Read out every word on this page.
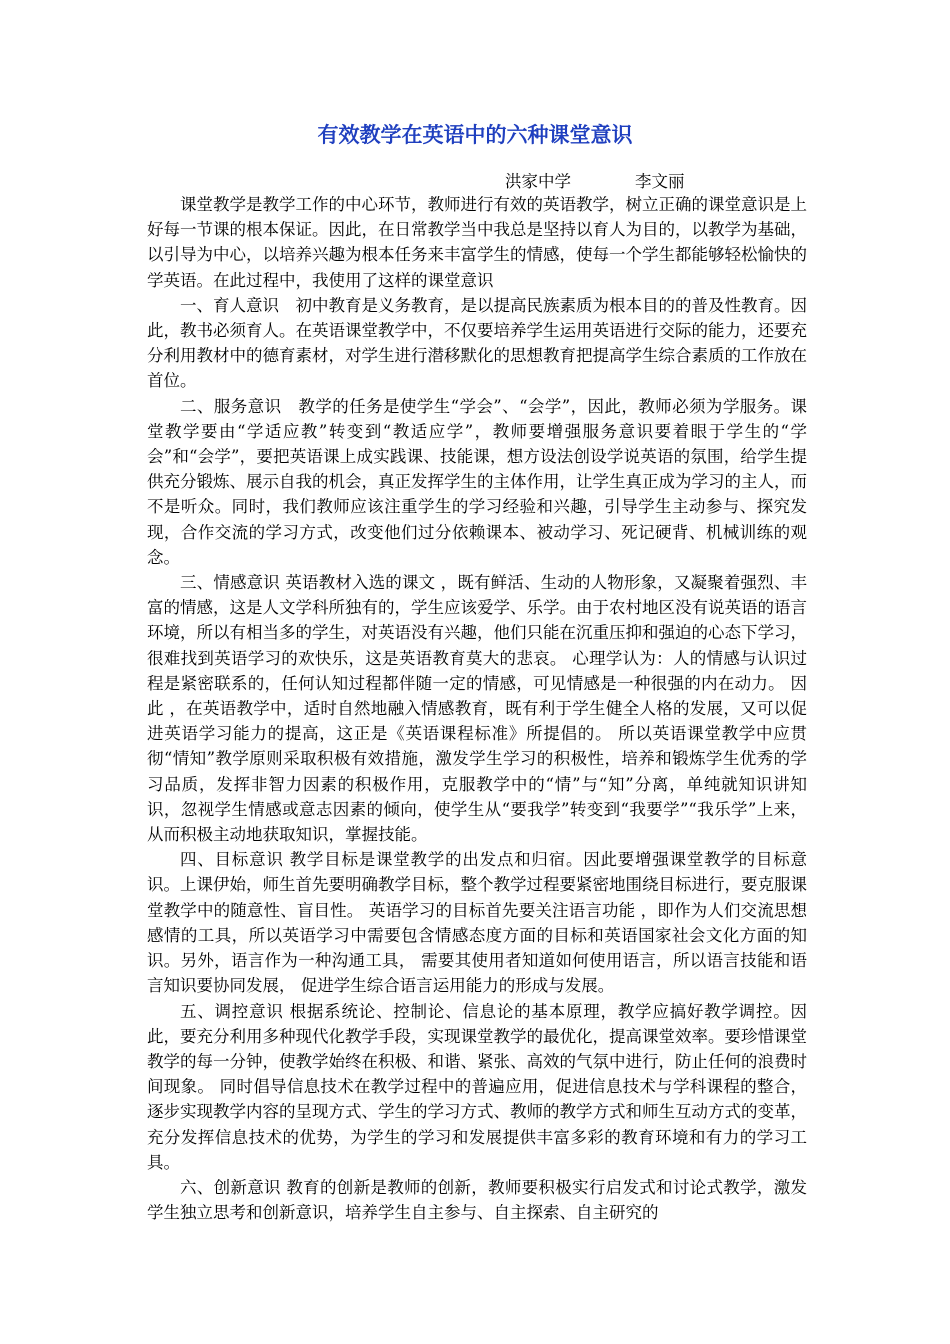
有效教学在英语中的六种课堂意识
洪家中学	李文丽

课堂教学是教学工作的中心环节，教师进行有效的英语教学，树立正确的课堂意识是上好每一节课的根本保证。因此，在日常教学当中我总是坚持以育人为目的，以教学为基础，以引导为中心，以培养兴趣为根本任务来丰富学生的情感，使每一个学生都能够轻松愉快的学英语。在此过程中，我使用了这样的课堂意识

一、育人意识　初中教育是义务教育，是以提高民族素质为根本目的的普及性教育。因此，教书必须育人。在英语课堂教学中，不仅要培养学生运用英语进行交际的能力，还要充分利用教材中的德育素材，对学生进行潜移默化的思想教育把提高学生综合素质的工作放在首位。

二、服务意识　教学的任务是使学生“学会”、“会学”，因此，教师必须为学服务。课堂教学要由“学适应教”转变到“教适应学”，教师要增强服务意识要着眼于学生的“学会”和“会学”，要把英语课上成实践课、技能课，想方设法创设学说英语的氛围，给学生提供充分锻炼、展示自我的机会，真正发挥学生的主体作用，让学生真正成为学习的主人，而不是听众。同时，我们教师应该注重学生的学习经验和兴趣，引导学生主动参与、探究发现，合作交流的学习方式，改变他们过分依赖课本、被动学习、死记硬背、机械训练的观念。

三、情感意识 英语教材入选的课文 ，既有鲜活、生动的人物形象，又凝聚着强烈、丰富的情感，这是人文学科所独有的，学生应该爱学、乐学。由于农村地区没有说英语的语言环境，所以有相当多的学生，对英语没有兴趣，他们只能在沉重压抑和强迫的心态下学习，很难找到英语学习的欢快乐，这是英语教育莫大的悲哀。 心理学认为：人的情感与认识过程是紧密联系的，任何认知过程都伴随一定的情感，可见情感是一种很强的内在动力。 因此 ，在英语教学中，适时自然地融入情感教育，既有利于学生健全人格的发展，又可以促进英语学习能力的提高，这正是《英语课程标准》所提倡的。 所以英语课堂教学中应贯彻“情知”教学原则采取积极有效措施，激发学生学习的积极性，培养和锻炼学生优秀的学习品质，发挥非智力因素的积极作用，克服教学中的“情”与“知”分离，单纯就知识讲知识，忽视学生情感或意志因素的倾向，使学生从“要我学”转变到“我要学”“我乐学”上来，从而积极主动地获取知识，掌握技能。

四、目标意识 教学目标是课堂教学的出发点和归宿。因此要增强课堂教学的目标意识。上课伊始，师生首先要明确教学目标，整个教学过程要紧密地围绕目标进行，要克服课堂教学中的随意性、盲目性。 英语学习的目标首先要关注语言功能 ，即作为人们交流思想感情的工具，所以英语学习中需要包含情感态度方面的目标和英语国家社会文化方面的知识。另外，语言作为一种沟通工具， 需要其使用者知道如何使用语言，所以语言技能和语言知识要协同发展， 促进学生综合语言运用能力的形成与发展。

五、调控意识 根据系统论、控制论、信息论的基本原理，教学应搞好教学调控。因此，要充分利用多种现代化教学手段，实现课堂教学的最优化，提高课堂效率。要珍惜课堂教学的每一分钟，使教学始终在积极、和谐、紧张、高效的气氛中进行，防止任何的浪费时间现象。 同时倡导信息技术在教学过程中的普遍应用，促进信息技术与学科课程的整合，逐步实现教学内容的呈现方式、学生的学习方式、教师的教学方式和师生互动方式的变革，充分发挥信息技术的优势，为学生的学习和发展提供丰富多彩的教育环境和有力的学习工具。

六、创新意识 教育的创新是教师的创新，教师要积极实行启发式和讨论式教学，激发学生独立思考和创新意识，培养学生自主参与、自主探索、自主研究的
